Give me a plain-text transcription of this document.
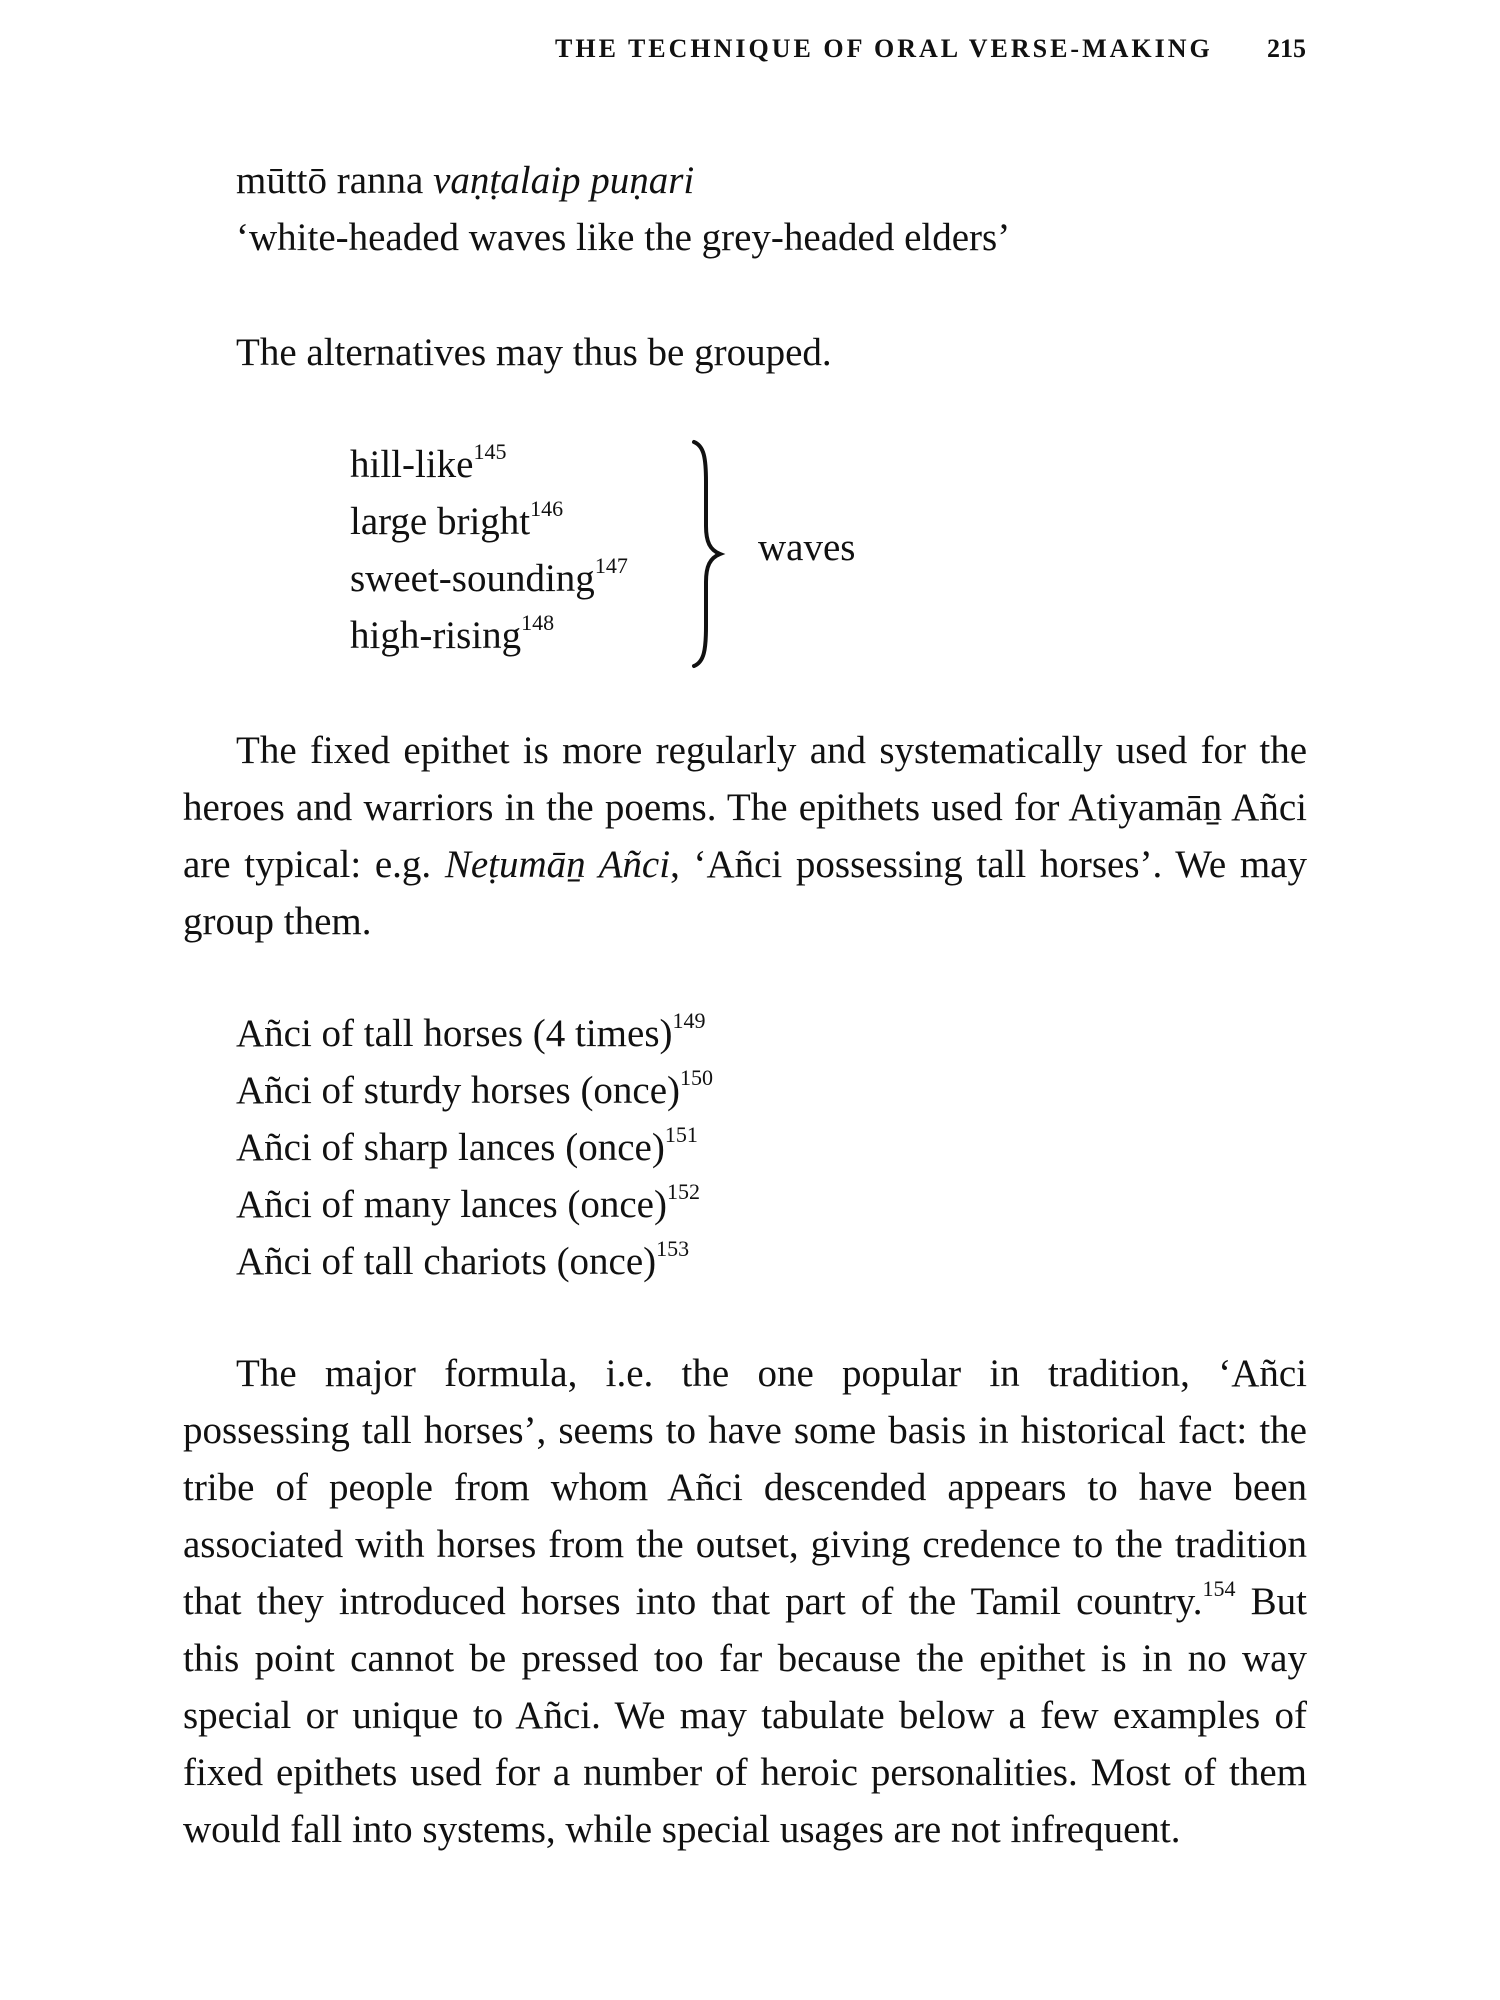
THE TECHNIQUE OF ORAL VERSE-MAKING 215
mūttō ranna vaṇṭalaip puṇari
‘white-headed waves like the grey-headed elders’
The alternatives may thus be grouped.
hill-like$^{145}$
large bright$^{146}$
sweet-sounding$^{147}$
high-rising$^{148}$
waves

The fixed epithet is more regularly and systematically used for the heroes and warriors in the poems. The epithets used for Atiyamāṉ Añci are typical: e.g. Neṭumāṉ Añci, ‘Añci possessing tall horses’. We may group them.

Añci of tall horses (4 times)$^{149}$
Añci of sturdy horses (once)$^{150}$
Añci of sharp lances (once)$^{151}$
Añci of many lances (once)$^{152}$
Añci of tall chariots (once)$^{153}$

The major formula, i.e. the one popular in tradition, ‘Añci possessing tall horses’, seems to have some basis in historical fact: the tribe of people from whom Añci descended appears to have been associated with horses from the outset, giving credence to the tradition that they introduced horses into that part of the Tamil country.$^{154}$ But this point cannot be pressed too far because the epithet is in no way special or unique to Añci. We may tabulate below a few examples of fixed epithets used for a number of heroic personalities. Most of them would fall into systems, while special usages are not infrequent.
